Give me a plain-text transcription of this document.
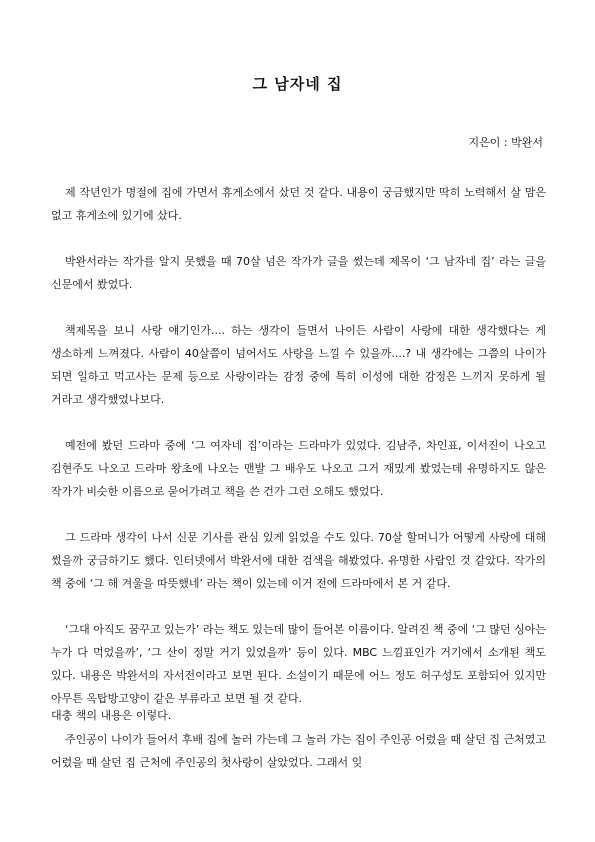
그 남자네 집

지은이 : 박완서

제 작년인가 명절에 집에 가면서 휴게소에서 샀던 것 같다. 내용이 궁금했지만 딱히 노력해서 살 맘은 없고 휴게소에 있기에 샀다.

박완서라는 작가를 알지 못했을 때 70살 넘은 작가가 글을 썼는데 제목이 ‘그 남자네 집’ 라는 글을 신문에서 봤었다.

책제목을 보니 사랑 얘기인가.... 하는 생각이 들면서 나이든 사람이 사랑에 대한 생각했다는 게 생소하게 느껴졌다. 사람이 40살쯤이 넘어서도 사랑을 느낄 수 있을까....? 내 생각에는 그쯤의 나이가 되면 일하고 먹고사는 문제 등으로 사랑이라는 감정 중에 특히 이성에 대한 감정은 느끼지 못하게 될 거라고 생각했었나보다.

예전에 봤던 드라마 중에 ‘그 여자네 집’이라는 드라마가 있었다. 김남주, 차인표, 이서진이 나오고 김현주도 나오고 드라마 왕초에 나오는 맨발 그 배우도 나오고 그거 재밌게 봤었는데 유명하지도 않은 작가가 비슷한 이름으로 묻어가려고 책을 쓴 건가 그런 오해도 했었다.

그 드라마 생각이 나서 신문 기사를 관심 있게 읽었을 수도 있다. 70살 할머니가 어떻게 사랑에 대해 썼을까 궁금하기도 했다. 인터넷에서 박완서에 대한 검색을 해봤었다. 유명한 사람인 것 같았다. 작가의 책 중에 ‘그 해 겨울을 따뜻했네’ 라는 책이 있는데 이거 전에 드라마에서 본 거 같다.

‘그대 아직도 꿈꾸고 있는가’ 라는 책도 있는데 많이 들어본 이름이다. 알려진 책 중에 ‘그 많던 싱아는 누가 다 먹었을까’, ‘그 산이 정말 거기 있었을까’ 등이 있다. MBC 느낌표인가 거기에서 소개된 책도 있다. 내용은 박완서의 자서전이라고 보면 된다. 소설이기 때문에 어느 정도 허구성도 포함되어 있지만 아무튼 옥탑방고양이 같은 부류라고 보면 될 것 같다.

대충 책의 내용은 이렇다.

주인공이 나이가 들어서 후배 집에 놀러 가는데 그 놀러 가는 집이 주인공 어렸을 때 살던 집 근처였고 어렸을 때 살던 집 근처에 주인공의 첫사랑이 살았었다. 그래서 잊
